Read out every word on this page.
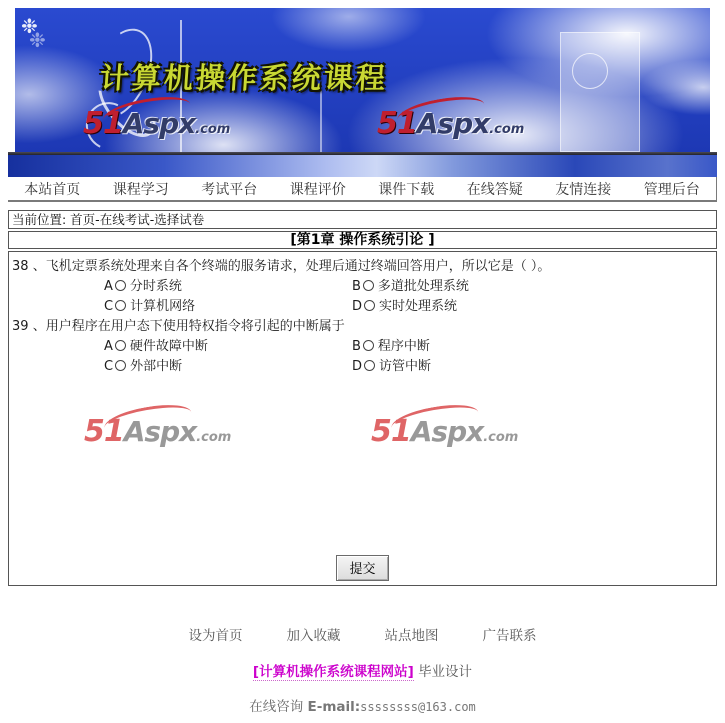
❉
计算机操作系统课程
51Aspx.com	51Aspx.com
本站首页 课程学习 考试平台 课程评价 课件下载 在线答疑 友情连接 管理后台
当前位置: 首页-在线考试-选择试卷
[第1章 操作系统引论 ]
38 、飞机定票系统处理来自各个终端的服务请求，处理后通过终端回答用户，所以它是（ ）。
A 分时系统	B 多道批处理系统
C 计算机网络	D 实时处理系统
39 、用户程序在用户态下使用特权指令将引起的中断属于
A 硬件故障中断	B 程序中断
C 外部中断	D 访管中断
51Aspx.com	51Aspx.com
提交
设为首页	加入收藏	站点地图	广告联系
[计算机操作系统课程网站] 毕业设计
在线咨询 E-mail:ssssssss@163.com
